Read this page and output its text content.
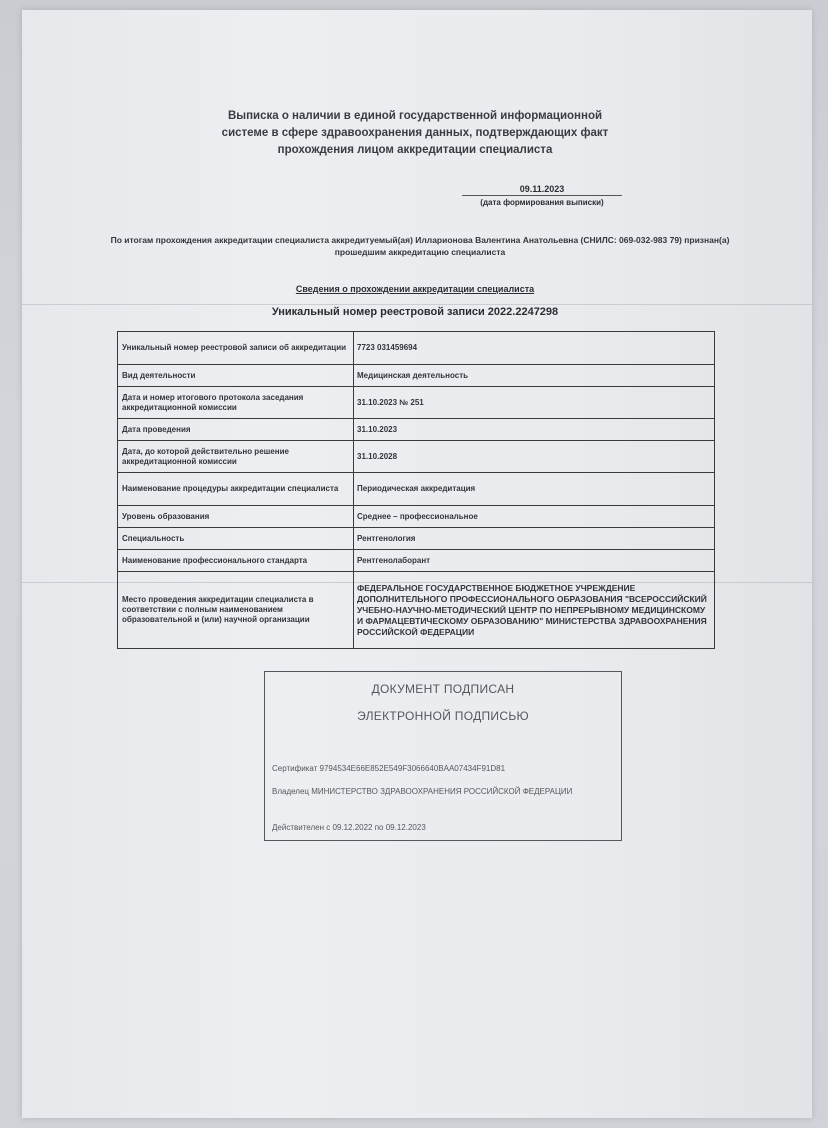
Выписка о наличии в единой государственной информационной
системе в сфере здравоохранения данных, подтверждающих факт
прохождения лицом аккредитации специалиста
09.11.2023
(дата формирования выписки)
По итогам прохождения аккредитации специалиста аккредитуемый(ая) Илларионова Валентина Анатольевна (СНИЛС: 069-032-983 79) признан(а) прошедшим аккредитацию специалиста
Сведения о прохождении аккредитации специалиста
Уникальный номер реестровой записи 2022.2247298
Уникальный номер реестровой записи об аккредитации	7723 031459694
Вид деятельности	Медицинская деятельность
Дата и номер итогового протокола заседания аккредитационной комиссии	31.10.2023 № 251
Дата проведения	31.10.2023
Дата, до которой действительно решение аккредитационной комиссии	31.10.2028
Наименование процедуры аккредитации специалиста	Периодическая аккредитация
Уровень образования	Среднее – профессиональное
Специальность	Рентгенология
Наименование профессионального стандарта	Рентгенолаборант
Место проведения аккредитации специалиста в соответствии с полным наименованием образовательной и (или) научной организации	ФЕДЕРАЛЬНОЕ ГОСУДАРСТВЕННОЕ БЮДЖЕТНОЕ УЧРЕЖДЕНИЕ ДОПОЛНИТЕЛЬНОГО ПРОФЕССИОНАЛЬНОГО ОБРАЗОВАНИЯ "ВСЕРОССИЙСКИЙ УЧЕБНО-НАУЧНО-МЕТОДИЧЕСКИЙ ЦЕНТР ПО НЕПРЕРЫВНОМУ МЕДИЦИНСКОМУ И ФАРМАЦЕВТИЧЕСКОМУ ОБРАЗОВАНИЮ" МИНИСТЕРСТВА ЗДРАВООХРАНЕНИЯ РОССИЙСКОЙ ФЕДЕРАЦИИ
ДОКУМЕНТ ПОДПИСАН
ЭЛЕКТРОННОЙ ПОДПИСЬЮ
Сертификат 9794534E66E852E549F3066640BAA07434F91D81
Владелец МИНИСТЕРСТВО ЗДРАВООХРАНЕНИЯ РОССИЙСКОЙ ФЕДЕРАЦИИ
Действителен с 09.12.2022 по 09.12.2023
